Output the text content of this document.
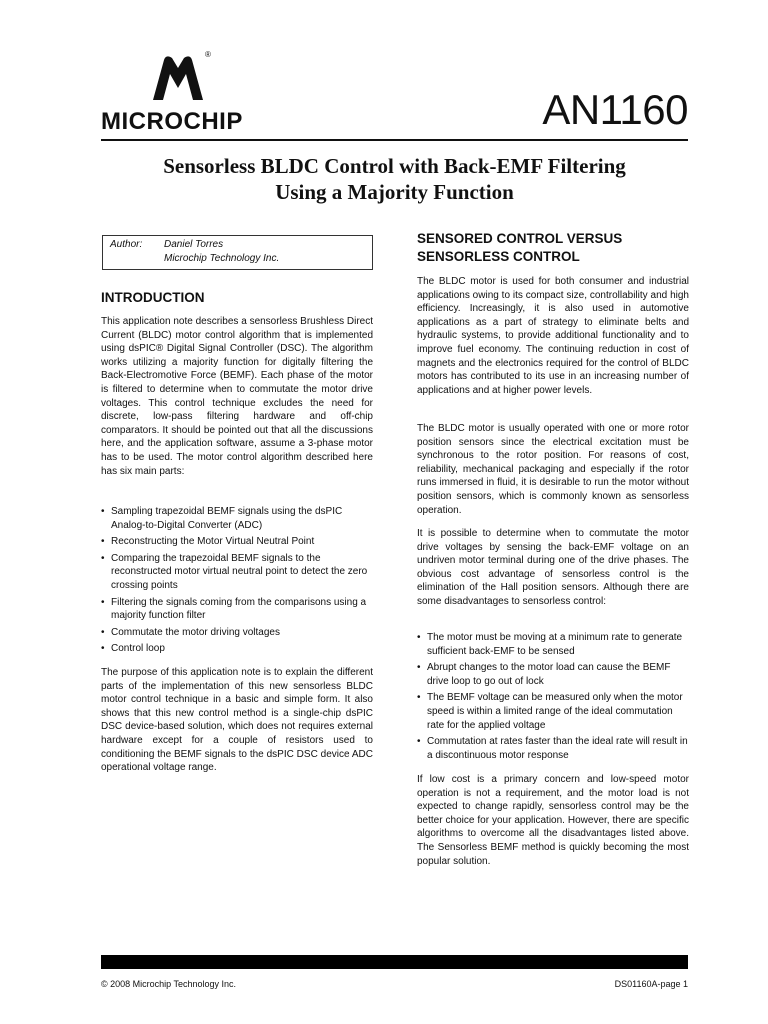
®
MICROCHIP	AN1160
Sensorless BLDC Control with Back-EMF Filtering
Using a Majority Function
Author: Daniel Torres
Microchip Technology Inc.
INTRODUCTION
This application note describes a sensorless Brushless Direct Current (BLDC) motor control algorithm that is implemented using dsPIC® Digital Signal Controller (DSC). The algorithm works utilizing a majority function for digitally filtering the Back-Electromotive Force (BEMF). Each phase of the motor is filtered to determine when to commutate the motor drive voltages. This control technique excludes the need for discrete, low-pass filtering hardware and off-chip comparators. It should be pointed out that all the discussions here, and the application software, assume a 3-phase motor has to be used. The motor control algorithm described here has six main parts:
• Sampling trapezoidal BEMF signals using the dsPIC Analog-to-Digital Converter (ADC)
• Reconstructing the Motor Virtual Neutral Point
• Comparing the trapezoidal BEMF signals to the reconstructed motor virtual neutral point to detect the zero crossing points
• Filtering the signals coming from the comparisons using a majority function filter
• Commutate the motor driving voltages
• Control loop
The purpose of this application note is to explain the different parts of the implementation of this new sensorless BLDC motor control technique in a basic and simple form. It also shows that this new control method is a single-chip dsPIC DSC device-based solution, which does not requires external hardware except for a couple of resistors used to conditioning the BEMF signals to the dsPIC DSC device ADC operational voltage range.
SENSORED CONTROL VERSUS
SENSORLESS CONTROL
The BLDC motor is used for both consumer and industrial applications owing to its compact size, controllability and high efficiency. Increasingly, it is also used in automotive applications as a part of strategy to eliminate belts and hydraulic systems, to provide additional functionality and to improve fuel economy. The continuing reduction in cost of magnets and the electronics required for the control of BLDC motors has contributed to its use in an increasing number of applications and at higher power levels.
The BLDC motor is usually operated with one or more rotor position sensors since the electrical excitation must be synchronous to the rotor position. For reasons of cost, reliability, mechanical packaging and especially if the rotor runs immersed in fluid, it is desirable to run the motor without position sensors, which is commonly known as sensorless operation.
It is possible to determine when to commutate the motor drive voltages by sensing the back-EMF voltage on an undriven motor terminal during one of the drive phases. The obvious cost advantage of sensorless control is the elimination of the Hall position sensors. Although there are some disadvantages to sensorless control:
• The motor must be moving at a minimum rate to generate sufficient back-EMF to be sensed
• Abrupt changes to the motor load can cause the BEMF drive loop to go out of lock
• The BEMF voltage can be measured only when the motor speed is within a limited range of the ideal commutation rate for the applied voltage
• Commutation at rates faster than the ideal rate will result in a discontinuous motor response
If low cost is a primary concern and low-speed motor operation is not a requirement, and the motor load is not expected to change rapidly, sensorless control may be the better choice for your application. However, there are specific algorithms to overcome all the disadvantages listed above. The Sensorless BEMF method is quickly becoming the most popular solution.
© 2008 Microchip Technology Inc.	DS01160A-page 1
